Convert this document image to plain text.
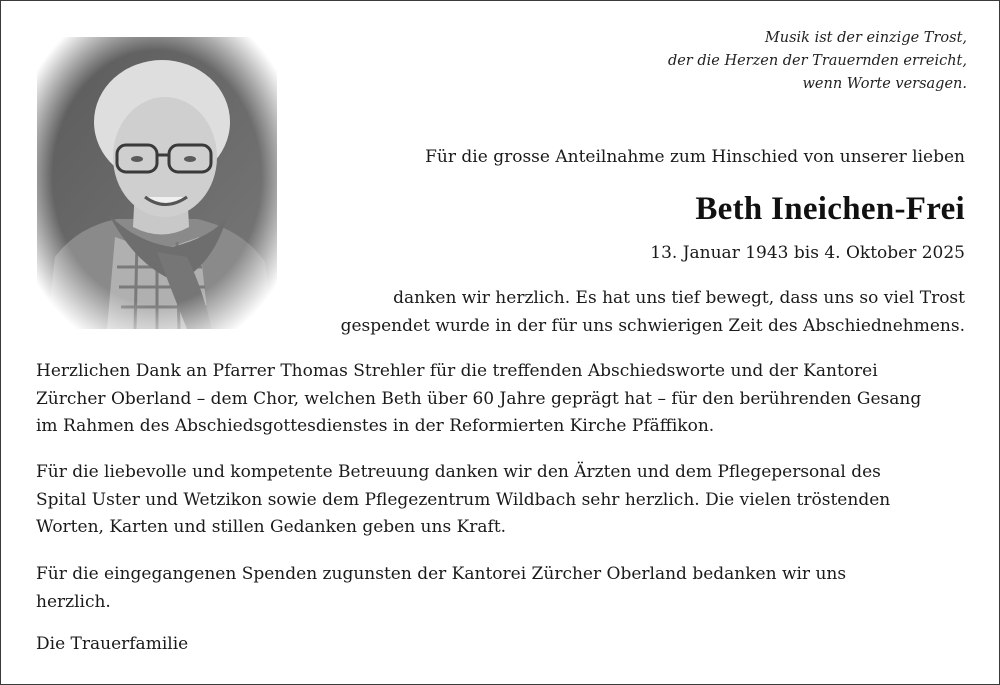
Musik ist der einzige Trost,
der die Herzen der Trauernden erreicht,
wenn Worte versagen.
Für die grosse Anteilnahme zum Hinschied von unserer lieben
Beth Ineichen-Frei
13. Januar 1943 bis 4. Oktober 2025
danken wir herzlich. Es hat uns tief bewegt, dass uns so viel Trost
gespendet wurde in der für uns schwierigen Zeit des Abschiednehmens.
Herzlichen Dank an Pfarrer Thomas Strehler für die treffenden Abschiedsworte und der Kantorei
Zürcher Oberland – dem Chor, welchen Beth über 60 Jahre geprägt hat – für den berührenden Gesang
im Rahmen des Abschiedsgottesdienstes in der Reformierten Kirche Pfäffikon.
Für die liebevolle und kompetente Betreuung danken wir den Ärzten und dem Pflegepersonal des
Spital Uster und Wetzikon sowie dem Pflegezentrum Wildbach sehr herzlich. Die vielen tröstenden
Worten, Karten und stillen Gedanken geben uns Kraft.
Für die eingegangenen Spenden zugunsten der Kantorei Zürcher Oberland bedanken wir uns
herzlich.
Die Trauerfamilie
